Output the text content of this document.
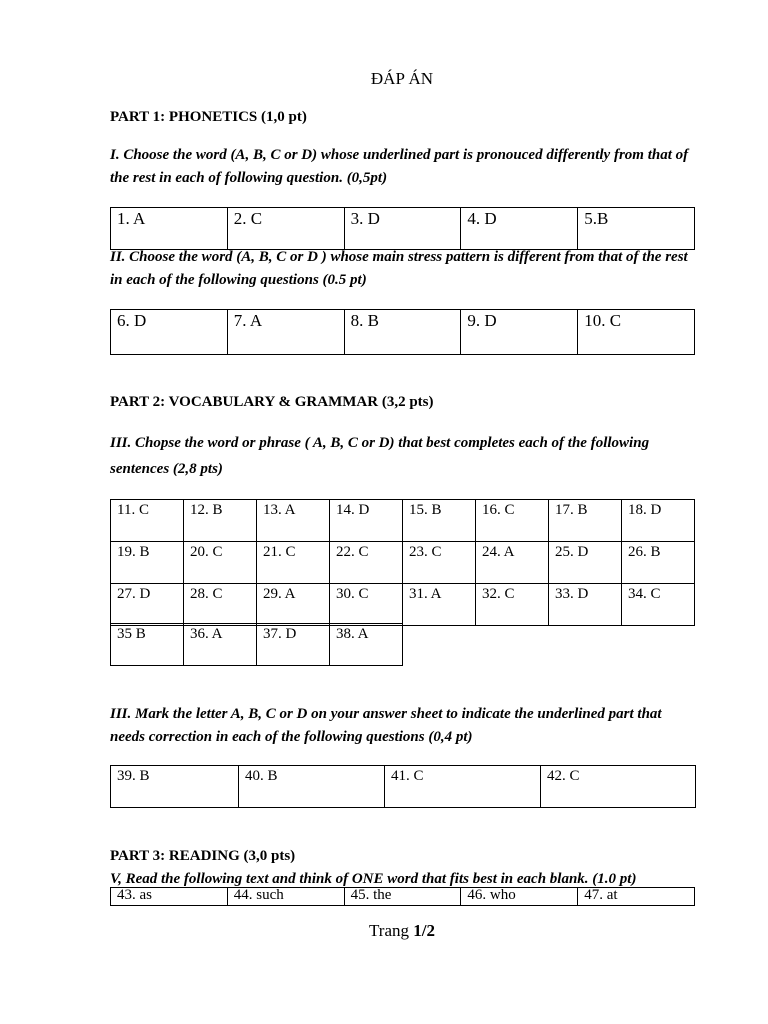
ĐÁP ÁN
PART 1: PHONETICS (1,0 pt)
I. Choose the word (A, B, C or D) whose underlined part is pronouced differently from that of the rest in each of following question. (0,5pt)
1. A	2. C	3. D	4. D	5.B
II. Choose the word (A, B, C or D ) whose main stress pattern is different from that of the rest in each of the following questions (0.5 pt)
6. D	7. A	8. B	9. D	10. C
PART 2: VOCABULARY & GRAMMAR (3,2 pts)
III. Chopse the word or phrase ( A, B, C or D) that best completes each of the following sentences (2,8 pts)
11. C	12. B	13. A	14. D	15. B	16. C	17. B	18. D
19. B	20. C	21. C	22. C	23. C	24. A	25. D	26. B
27. D	28. C	29. A	30. C	31. A	32. C	33. D	34. C
35 B	36. A	37. D	38. A
III. Mark the letter A, B, C or D on your answer sheet to indicate the underlined part that needs correction in each of the following questions (0,4 pt)
39. B	40. B	41. C	42. C
PART 3: READING (3,0 pts)
V, Read the following text and think of ONE word that fits best in each blank. (1.0 pt)
43. as	44. such	45. the	46. who	47. at
Trang 1/2
